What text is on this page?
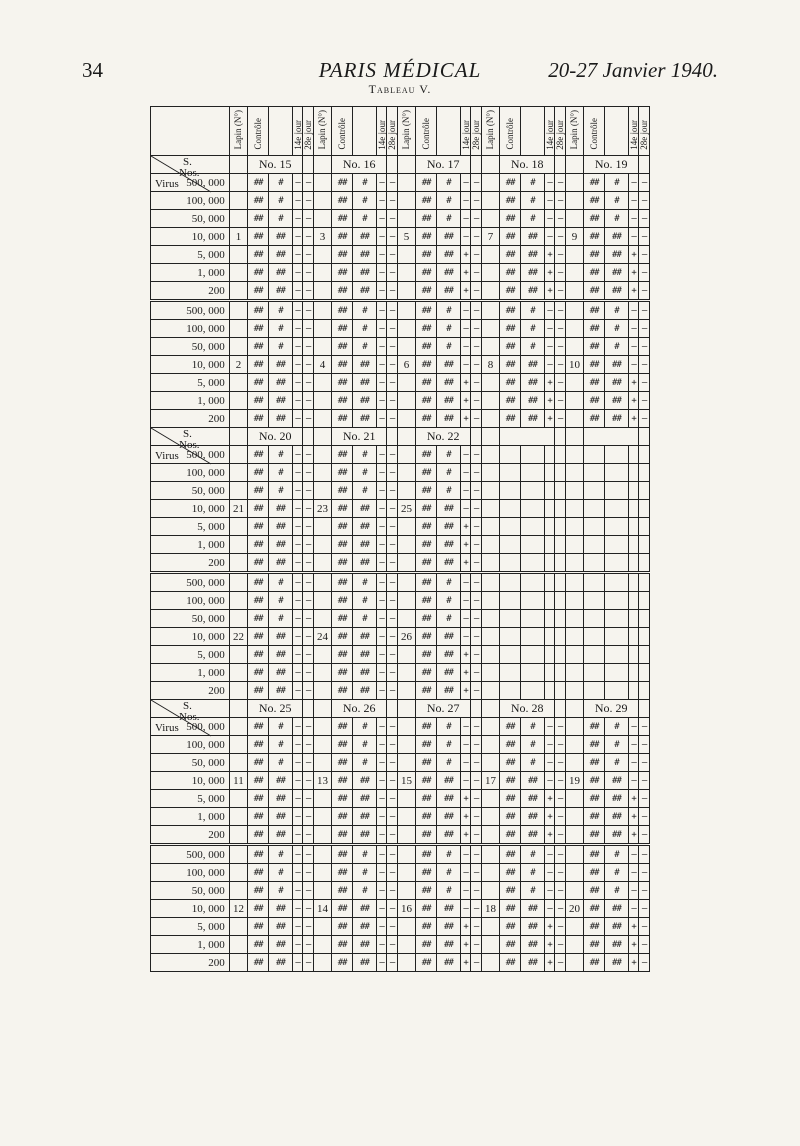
34	PARIS MÉDICAL	20-27 Janvier 1940.
Tableau V.
	Lapin (N°)	Contrôle		14e jour	28e jour	Lapin (N°)	Contrôle		14e jour	28e jour	Lapin (N°)	Contrôle		14e jour	28e jour	Lapin (N°)	Contrôle		14e jour	28e jour	Lapin (N°)	Contrôle		14e jour	28e jour

S.
Nos.
Virus		No. 15					No. 16					No. 17					No. 18					No. 19			
500, 000		##	#	—	—		##	#	—	—		##	#	—	—		##	#	—	—		##	#	—	—
100, 000		##	#	—	—		##	#	—	—		##	#	—	—		##	#	—	—		##	#	—	—
50, 000		##	#	—	—		##	#	—	—		##	#	—	—		##	#	—	—		##	#	—	—
10, 000	1	##	##	—	—	3	##	##	—	—	5	##	##	—	—	7	##	##	—	—	9	##	##	—	—
5, 000		##	##	—	—		##	##	—	—		##	##	+	—		##	##	+	—		##	##	+	—
1, 000		##	##	—	—		##	##	—	—		##	##	+	—		##	##	+	—		##	##	+	—
200		##	##	—	—		##	##	—	—		##	##	+	—		##	##	+	—		##	##	+	—
500, 000		##	#	—	—		##	#	—	—		##	#	—	—		##	#	—	—		##	#	—	—
100, 000		##	#	—	—		##	#	—	—		##	#	—	—		##	#	—	—		##	#	—	—
50, 000		##	#	—	—		##	#	—	—		##	#	—	—		##	#	—	—		##	#	—	—
10, 000	2	##	##	—	—	4	##	##	—	—	6	##	##	—	—	8	##	##	—	—	10	##	##	—	—
5, 000		##	##	—	—		##	##	—	—		##	##	+	—		##	##	+	—		##	##	+	—
1, 000		##	##	—	—		##	##	—	—		##	##	+	—		##	##	+	—		##	##	+	—
200		##	##	—	—		##	##	—	—		##	##	+	—		##	##	+	—		##	##	+	—

S.
Nos.
Virus		No. 20					No. 21					No. 22													
500, 000		##	#	—	—		##	#	—	—		##	#	—	—										
100, 000		##	#	—	—		##	#	—	—		##	#	—	—										
50, 000		##	#	—	—		##	#	—	—		##	#	—	—										
10, 000	21	##	##	—	—	23	##	##	—	—	25	##	##	—	—										
5, 000		##	##	—	—		##	##	—	—		##	##	+	—										
1, 000		##	##	—	—		##	##	—	—		##	##	+	—										
200		##	##	—	—		##	##	—	—		##	##	+	—										
500, 000		##	#	—	—		##	#	—	—		##	#	—	—										
100, 000		##	#	—	—		##	#	—	—		##	#	—	—										
50, 000		##	#	—	—		##	#	—	—		##	#	—	—										
10, 000	22	##	##	—	—	24	##	##	—	—	26	##	##	—	—										
5, 000		##	##	—	—		##	##	—	—		##	##	+	—										
1, 000		##	##	—	—		##	##	—	—		##	##	+	—										
200		##	##	—	—		##	##	—	—		##	##	+	—										

S.
Nos.
Virus		No. 25					No. 26					No. 27					No. 28					No. 29			
500, 000		##	#	—	—		##	#	—	—		##	#	—	—		##	#	—	—		##	#	—	—
100, 000		##	#	—	—		##	#	—	—		##	#	—	—		##	#	—	—		##	#	—	—
50, 000		##	#	—	—		##	#	—	—		##	#	—	—		##	#	—	—		##	#	—	—
10, 000	11	##	##	—	—	13	##	##	—	—	15	##	##	—	—	17	##	##	—	—	19	##	##	—	—
5, 000		##	##	—	—		##	##	—	—		##	##	+	—		##	##	+	—		##	##	+	—
1, 000		##	##	—	—		##	##	—	—		##	##	+	—		##	##	+	—		##	##	+	—
200		##	##	—	—		##	##	—	—		##	##	+	—		##	##	+	—		##	##	+	—
500, 000		##	#	—	—		##	#	—	—		##	#	—	—		##	#	—	—		##	#	—	—
100, 000		##	#	—	—		##	#	—	—		##	#	—	—		##	#	—	—		##	#	—	—
50, 000		##	#	—	—		##	#	—	—		##	#	—	—		##	#	—	—		##	#	—	—
10, 000	12	##	##	—	—	14	##	##	—	—	16	##	##	—	—	18	##	##	—	—	20	##	##	—	—
5, 000		##	##	—	—		##	##	—	—		##	##	+	—		##	##	+	—		##	##	+	—
1, 000		##	##	—	—		##	##	—	—		##	##	+	—		##	##	+	—		##	##	+	—
200		##	##	—	—		##	##	—	—		##	##	+	—		##	##	+	—		##	##	+	—
